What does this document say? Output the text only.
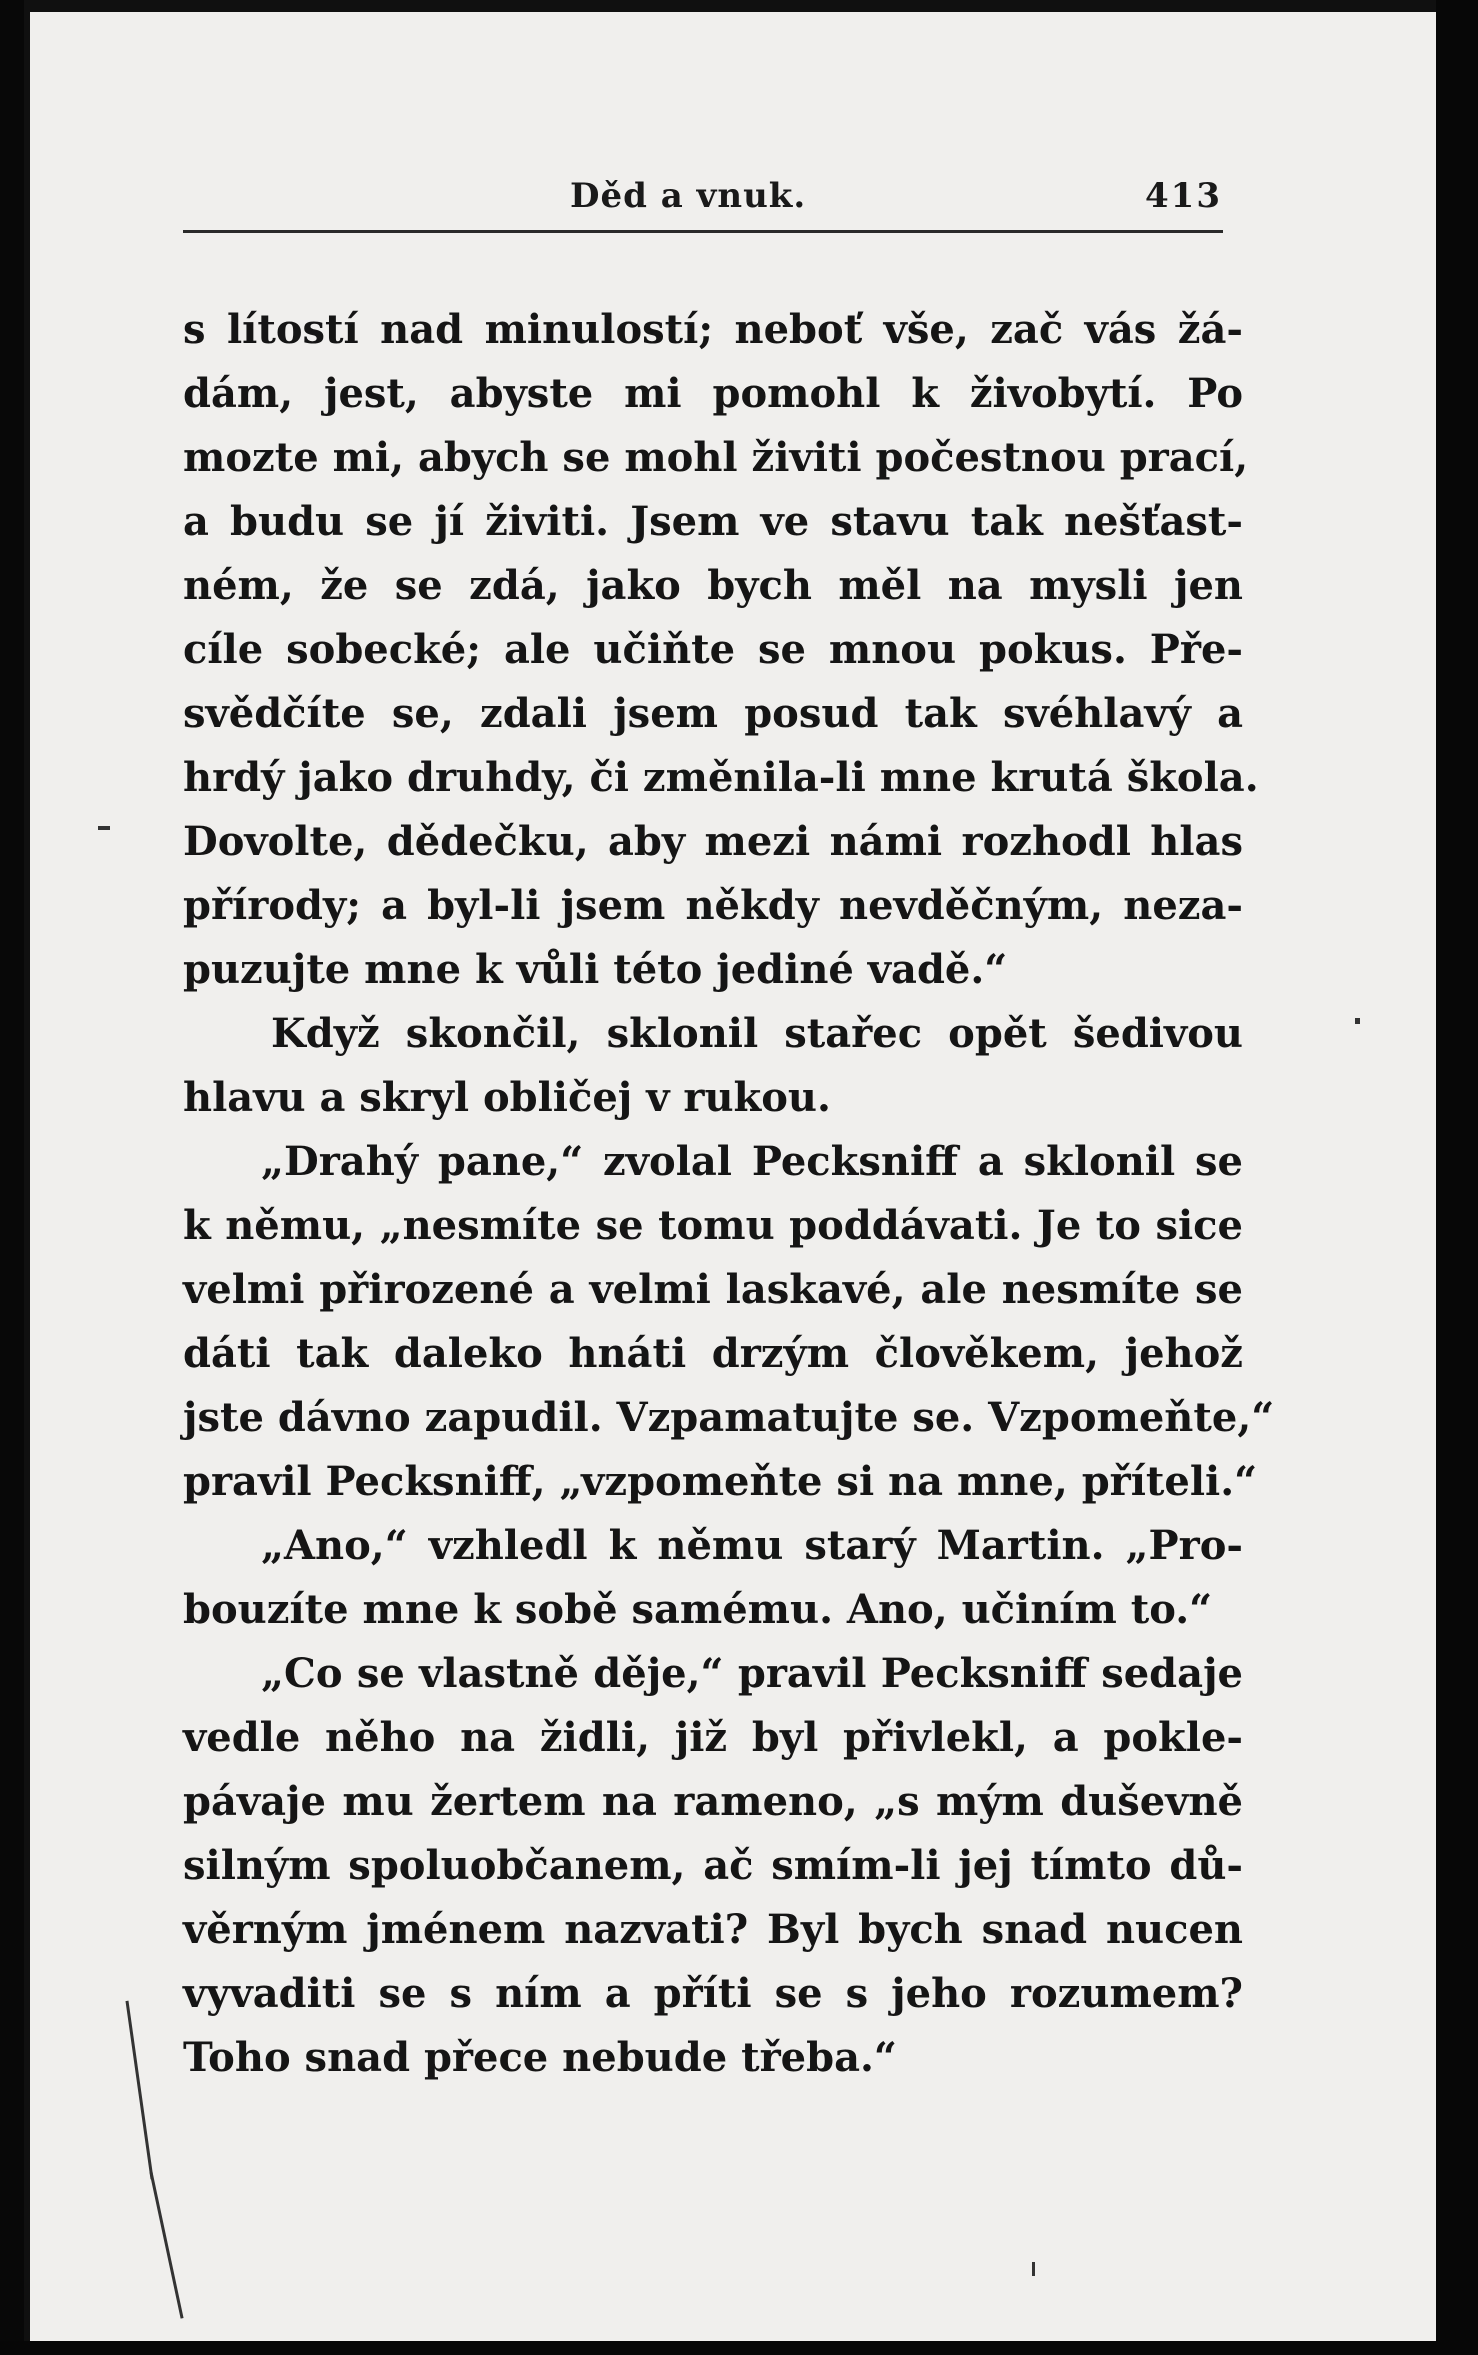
Děd a vnuk.	413
s lítostí nad minulostí; neboť vše, zač vás žá-
dám, jest, abyste mi pomohl k živobytí. Po
mozte mi, abych se mohl živiti počestnou prací,
a budu se jí živiti. Jsem ve stavu tak nešťast-
ném, že se zdá, jako bych měl na mysli jen
cíle sobecké; ale učiňte se mnou pokus. Pře-
svědčíte se, zdali jsem posud tak svéhlavý a
hrdý jako druhdy, či změnila-li mne krutá škola.
Dovolte, dědečku, aby mezi námi rozhodl hlas
přírody; a byl-li jsem někdy nevděčným, neza-
puzujte mne k vůli této jediné vadě.“
Když skončil, sklonil stařec opět šedivou
hlavu a skryl obličej v rukou.
„Drahý pane,“ zvolal Pecksniff a sklonil se
k němu, „nesmíte se tomu poddávati. Je to sice
velmi přirozené a velmi laskavé, ale nesmíte se
dáti tak daleko hnáti drzým člověkem, jehož
jste dávno zapudil. Vzpamatujte se. Vzpomeňte,“
pravil Pecksniff, „vzpomeňte si na mne, příteli.“
„Ano,“ vzhledl k němu starý Martin. „Pro-
bouzíte mne k sobě samému. Ano, učiním to.“
„Co se vlastně děje,“ pravil Pecksniff sedaje
vedle něho na židli, již byl přivlekl, a pokle-
pávaje mu žertem na rameno, „s mým duševně
silným spoluobčanem, ač smím-li jej tímto dů-
věrným jménem nazvati? Byl bych snad nucen
vyvaditi se s ním a příti se s jeho rozumem?
Toho snad přece nebude třeba.“
